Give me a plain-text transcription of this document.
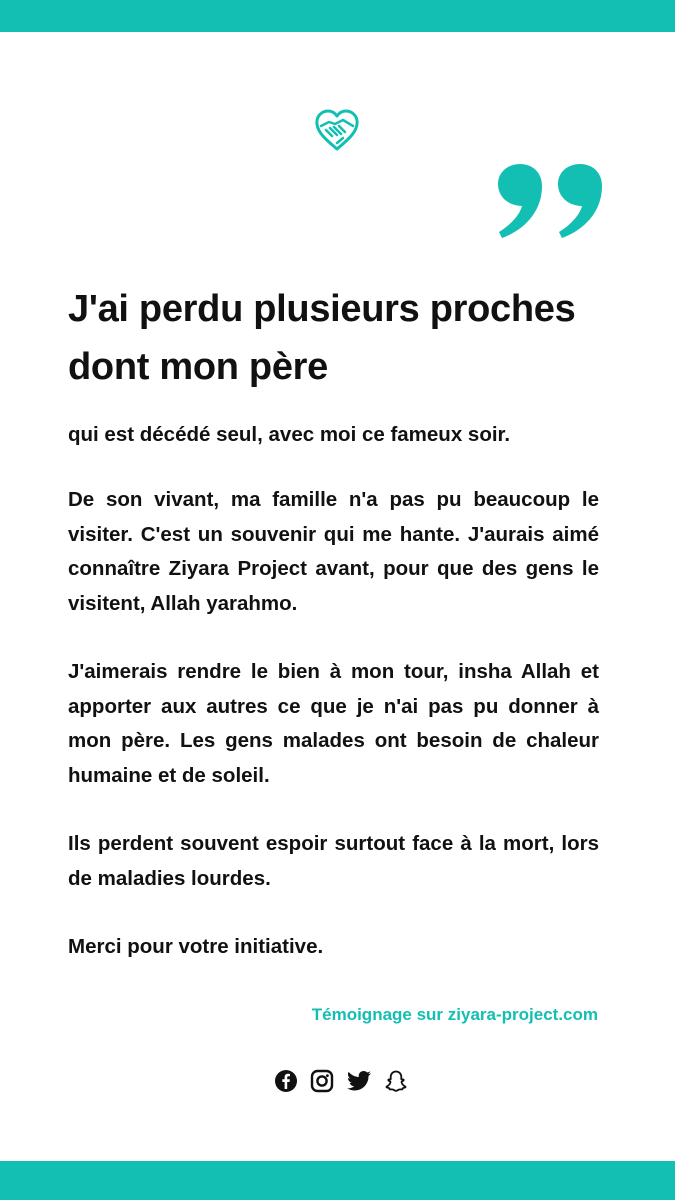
J'ai perdu plusieurs proches dont mon père

qui est décédé seul, avec moi ce fameux soir.

De son vivant, ma famille n'a pas pu beaucoup le visiter. C'est un souvenir qui me hante. J'aurais aimé connaître Ziyara Project avant, pour que des gens le visitent, Allah yarahmo.

J'aimerais rendre le bien à mon tour, insha Allah et apporter aux autres ce que je n'ai pas pu donner à mon père. Les gens malades ont besoin de chaleur humaine et de soleil.

Ils perdent souvent espoir surtout face à la mort, lors de maladies lourdes.

Merci pour votre initiative.

Témoignage sur ziyara-project.com
